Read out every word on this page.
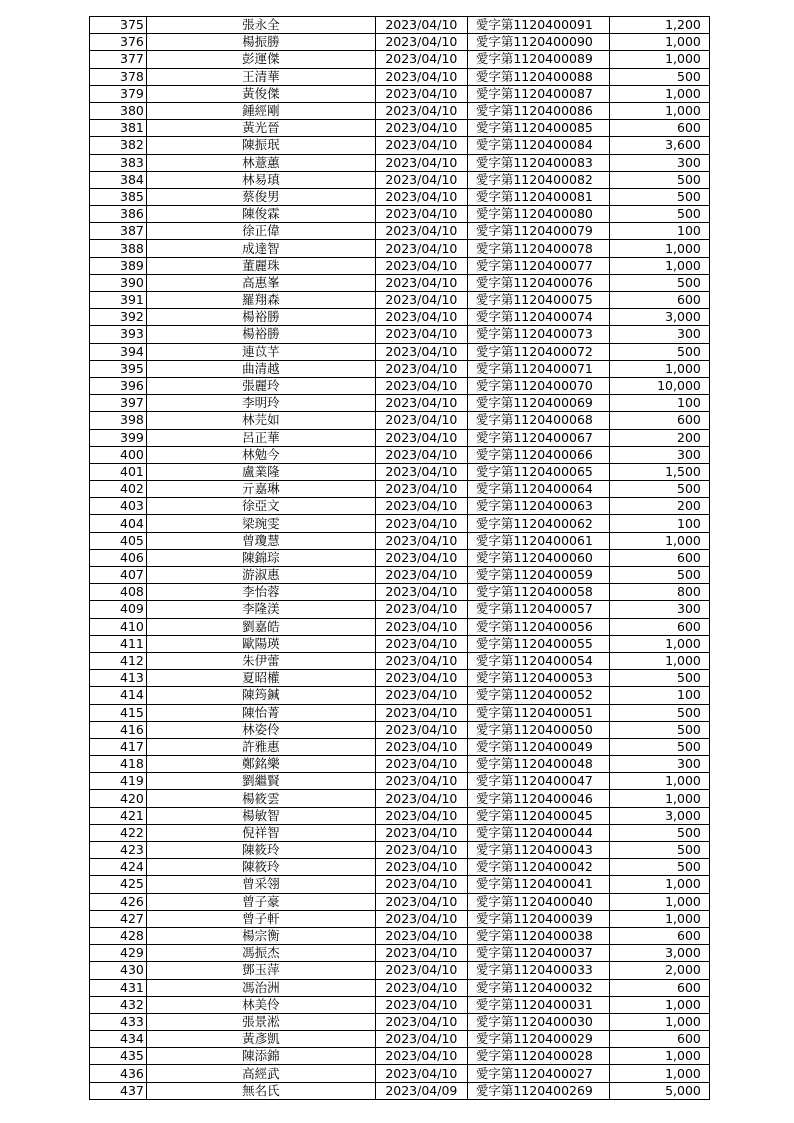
375	張永全	2023/04/10	愛字第1120400091	1,200
376	楊振勝	2023/04/10	愛字第1120400090	1,000
377	彭運傑	2023/04/10	愛字第1120400089	1,000
378	王清華	2023/04/10	愛字第1120400088	500
379	黃俊傑	2023/04/10	愛字第1120400087	1,000
380	鍾經剛	2023/04/10	愛字第1120400086	1,000
381	黃光晉	2023/04/10	愛字第1120400085	600
382	陳振珉	2023/04/10	愛字第1120400084	3,600
383	林薏蕙	2023/04/10	愛字第1120400083	300
384	林易瑱	2023/04/10	愛字第1120400082	500
385	蔡俊男	2023/04/10	愛字第1120400081	500
386	陳俊霖	2023/04/10	愛字第1120400080	500
387	徐正偉	2023/04/10	愛字第1120400079	100
388	成達智	2023/04/10	愛字第1120400078	1,000
389	董麗珠	2023/04/10	愛字第1120400077	1,000
390	高惠峯	2023/04/10	愛字第1120400076	500
391	羅翔森	2023/04/10	愛字第1120400075	600
392	楊裕勝	2023/04/10	愛字第1120400074	3,000
393	楊裕勝	2023/04/10	愛字第1120400073	300
394	連苡芊	2023/04/10	愛字第1120400072	500
395	曲清越	2023/04/10	愛字第1120400071	1,000
396	張麗玲	2023/04/10	愛字第1120400070	10,000
397	李明玲	2023/04/10	愛字第1120400069	100
398	林芫如	2023/04/10	愛字第1120400068	600
399	呂正華	2023/04/10	愛字第1120400067	200
400	林勉今	2023/04/10	愛字第1120400066	300
401	盧業隆	2023/04/10	愛字第1120400065	1,500
402	亓嘉琳	2023/04/10	愛字第1120400064	500
403	徐亞文	2023/04/10	愛字第1120400063	200
404	梁琬雯	2023/04/10	愛字第1120400062	100
405	曾瓊慧	2023/04/10	愛字第1120400061	1,000
406	陳錦琮	2023/04/10	愛字第1120400060	600
407	游淑惠	2023/04/10	愛字第1120400059	500
408	李怡蓉	2023/04/10	愛字第1120400058	800
409	李隆渼	2023/04/10	愛字第1120400057	300
410	劉嘉皓	2023/04/10	愛字第1120400056	600
411	歐陽瑛	2023/04/10	愛字第1120400055	1,000
412	朱伊蕾	2023/04/10	愛字第1120400054	1,000
413	夏昭權	2023/04/10	愛字第1120400053	500
414	陳筠鍼	2023/04/10	愛字第1120400052	100
415	陳怡菁	2023/04/10	愛字第1120400051	500
416	林姿伶	2023/04/10	愛字第1120400050	500
417	許雅惠	2023/04/10	愛字第1120400049	500
418	鄭銘樂	2023/04/10	愛字第1120400048	300
419	劉繼賢	2023/04/10	愛字第1120400047	1,000
420	楊筱雲	2023/04/10	愛字第1120400046	1,000
421	楊敏智	2023/04/10	愛字第1120400045	3,000
422	倪祥智	2023/04/10	愛字第1120400044	500
423	陳筱玲	2023/04/10	愛字第1120400043	500
424	陳筱玲	2023/04/10	愛字第1120400042	500
425	曾采翎	2023/04/10	愛字第1120400041	1,000
426	曾子豪	2023/04/10	愛字第1120400040	1,000
427	曾子軒	2023/04/10	愛字第1120400039	1,000
428	楊宗衡	2023/04/10	愛字第1120400038	600
429	馮振杰	2023/04/10	愛字第1120400037	3,000
430	鄧玉萍	2023/04/10	愛字第1120400033	2,000
431	馮治洲	2023/04/10	愛字第1120400032	600
432	林美伶	2023/04/10	愛字第1120400031	1,000
433	張景淞	2023/04/10	愛字第1120400030	1,000
434	黃彥凱	2023/04/10	愛字第1120400029	600
435	陳添錦	2023/04/10	愛字第1120400028	1,000
436	高經武	2023/04/10	愛字第1120400027	1,000
437	無名氏	2023/04/09	愛字第1120400269	5,000
